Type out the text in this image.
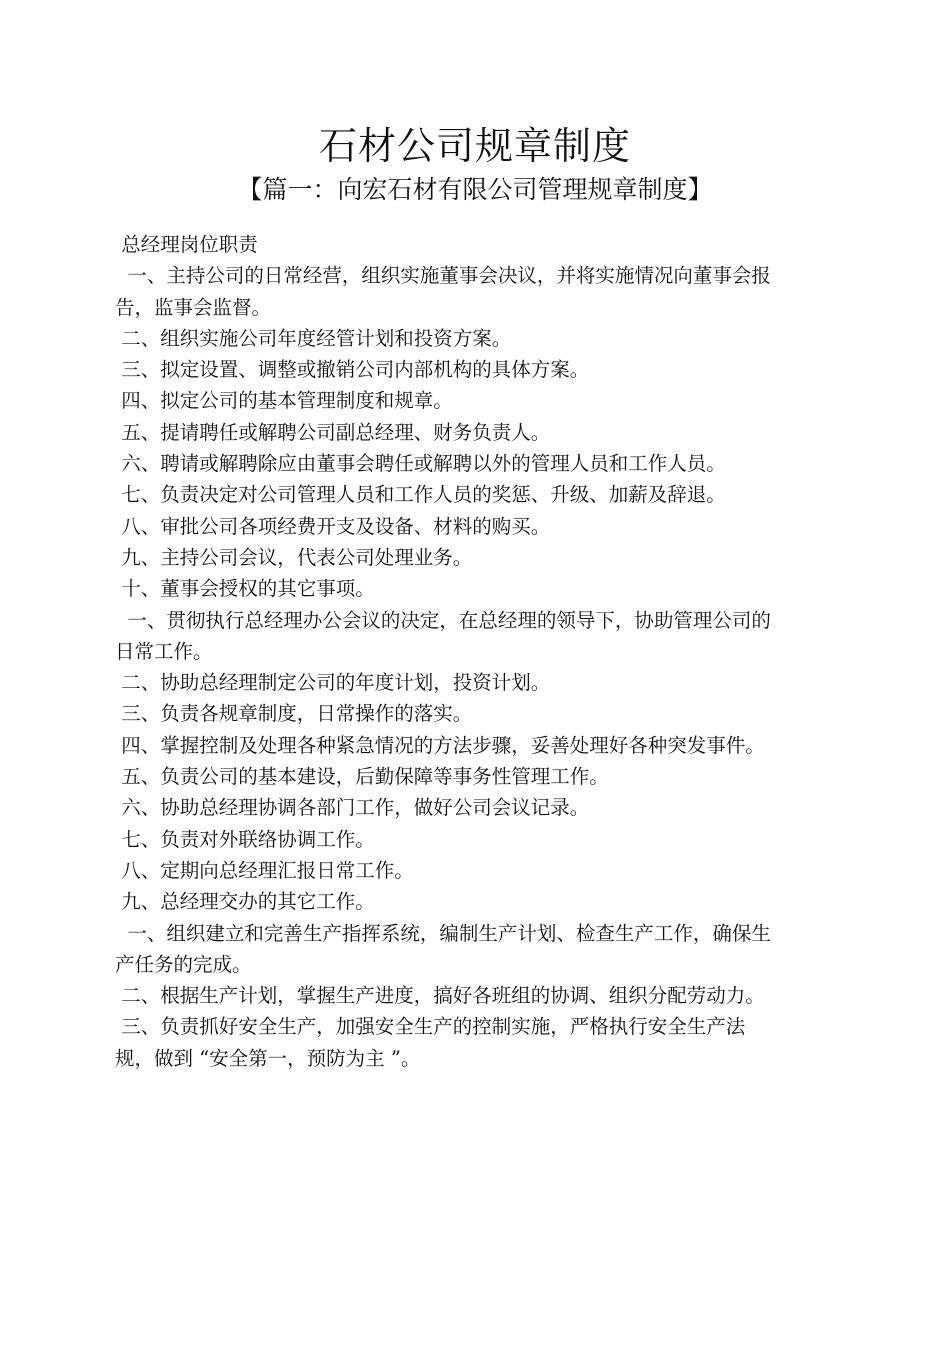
石材公司规章制度
【篇一：向宏石材有限公司管理规章制度】

总经理岗位职责

一、主持公司的日常经营，组织实施董事会决议，并将实施情况向董事会报告，监事会监督。

二、组织实施公司年度经管计划和投资方案。

三、拟定设置、调整或撤销公司内部机构的具体方案。

四、拟定公司的基本管理制度和规章。

五、提请聘任或解聘公司副总经理、财务负责人。

六、聘请或解聘除应由董事会聘任或解聘以外的管理人员和工作人员。

七、负责决定对公司管理人员和工作人员的奖惩、升级、加薪及辞退。

八、审批公司各项经费开支及设备、材料的购买。

九、主持公司会议，代表公司处理业务。

十、董事会授权的其它事项。

一、贯彻执行总经理办公会议的决定，在总经理的领导下，协助管理公司的日常工作。

二、协助总经理制定公司的年度计划，投资计划。

三、负责各规章制度，日常操作的落实。

四、掌握控制及处理各种紧急情况的方法步骤，妥善处理好各种突发事件。

五、负责公司的基本建设，后勤保障等事务性管理工作。

六、协助总经理协调各部门工作，做好公司会议记录。

七、负责对外联络协调工作。

八、定期向总经理汇报日常工作。

九、总经理交办的其它工作。

一、组织建立和完善生产指挥系统，编制生产计划、检查生产工作，确保生产任务的完成。

二、根据生产计划，掌握生产进度，搞好各班组的协调、组织分配劳动力。

三、负责抓好安全生产，加强安全生产的控制实施，严格执行安全生产法规，做到 “安全第一，预防为主 ”。
